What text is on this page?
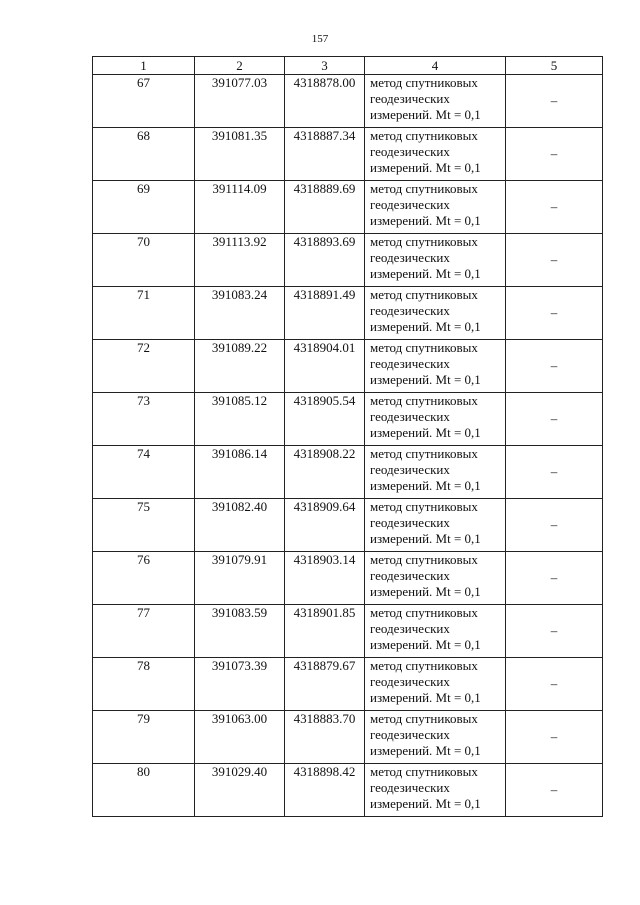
157
1	2	3	4	5
67	391077.03	4318878.00	метод спутниковых
геодезических
измерений. Mt = 0,1	–
68	391081.35	4318887.34	метод спутниковых
геодезических
измерений. Mt = 0,1	–
69	391114.09	4318889.69	метод спутниковых
геодезических
измерений. Mt = 0,1	–
70	391113.92	4318893.69	метод спутниковых
геодезических
измерений. Mt = 0,1	–
71	391083.24	4318891.49	метод спутниковых
геодезических
измерений. Mt = 0,1	–
72	391089.22	4318904.01	метод спутниковых
геодезических
измерений. Mt = 0,1	–
73	391085.12	4318905.54	метод спутниковых
геодезических
измерений. Mt = 0,1	–
74	391086.14	4318908.22	метод спутниковых
геодезических
измерений. Mt = 0,1	–
75	391082.40	4318909.64	метод спутниковых
геодезических
измерений. Mt = 0,1	–
76	391079.91	4318903.14	метод спутниковых
геодезических
измерений. Mt = 0,1	–
77	391083.59	4318901.85	метод спутниковых
геодезических
измерений. Mt = 0,1	–
78	391073.39	4318879.67	метод спутниковых
геодезических
измерений. Mt = 0,1	–
79	391063.00	4318883.70	метод спутниковых
геодезических
измерений. Mt = 0,1	–
80	391029.40	4318898.42	метод спутниковых
геодезических
измерений. Mt = 0,1	–
